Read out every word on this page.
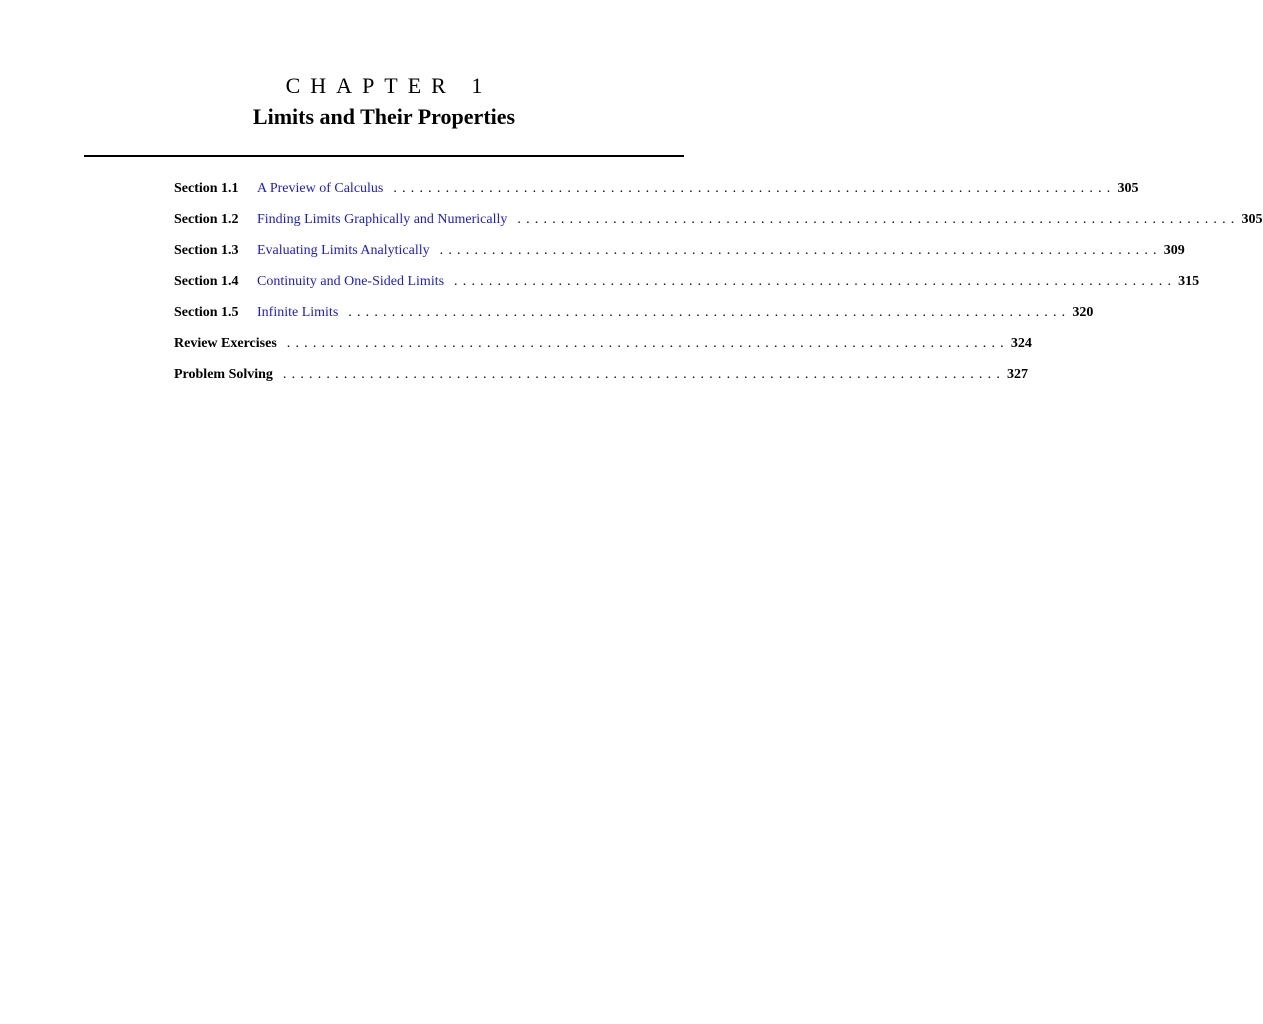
CHAPTER 1
Limits and Their Properties
Section 1.1	A Preview of Calculus ................................................................................... 305
Section 1.2	Finding Limits Graphically and Numerically ................................................................................... 305
Section 1.3	Evaluating Limits Analytically ................................................................................... 309
Section 1.4	Continuity and One-Sided Limits ................................................................................... 315
Section 1.5	Infinite Limits ................................................................................... 320
Review Exercises ................................................................................... 324
Problem Solving ................................................................................... 327
